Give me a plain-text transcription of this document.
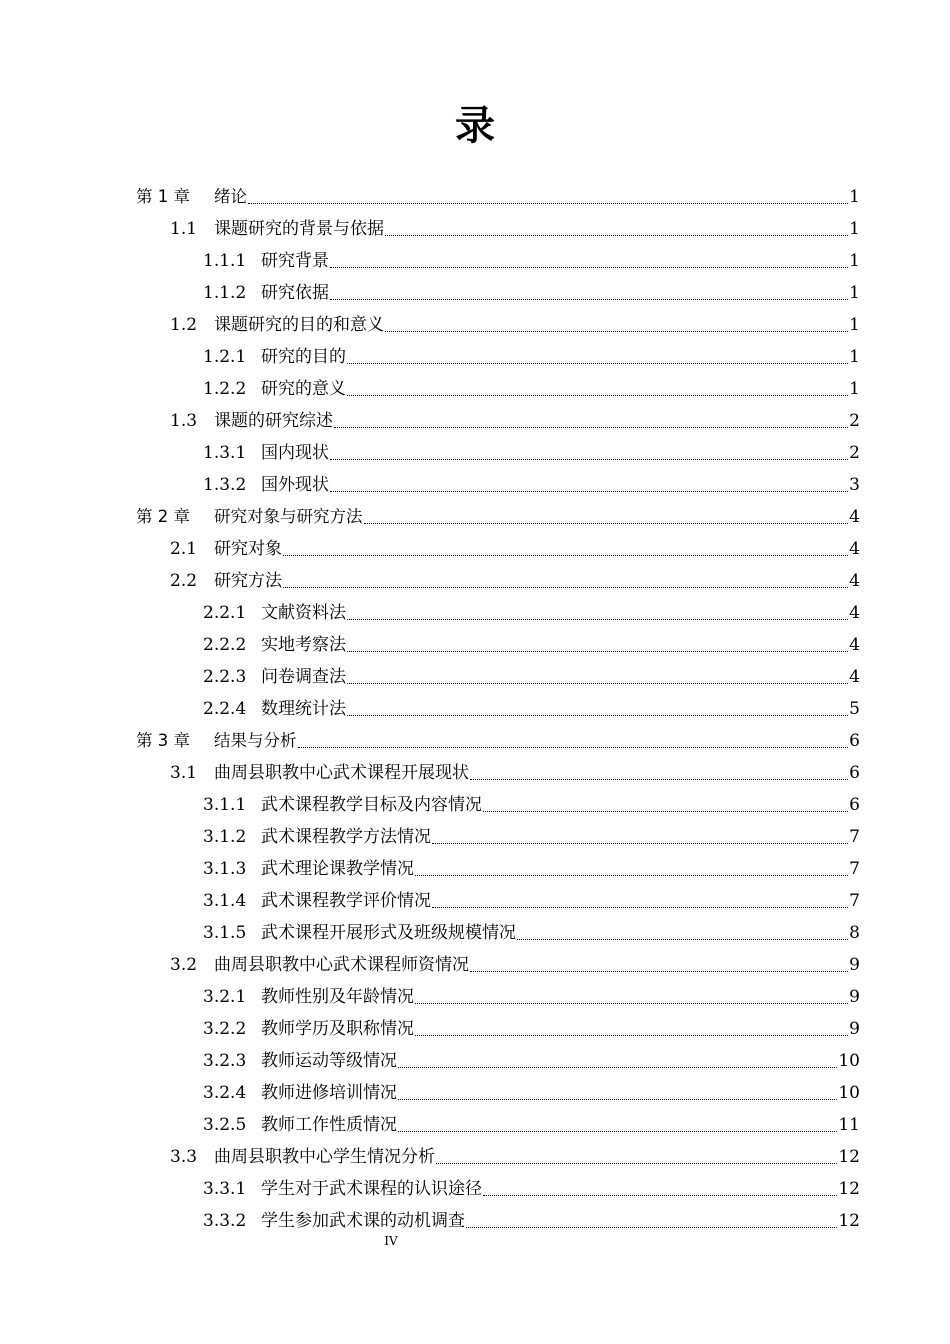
录
第 1 章	绪论	1
1.1 课题研究的背景与依据	1
1.1.1 研究背景	1
1.1.2 研究依据	1
1.2 课题研究的目的和意义	1
1.2.1 研究的目的	1
1.2.2 研究的意义	1
1.3 课题的研究综述	2
1.3.1 国内现状	2
1.3.2 国外现状	3
第 2 章	研究对象与研究方法	4
2.1 研究对象	4
2.2 研究方法	4
2.2.1 文献资料法	4
2.2.2 实地考察法	4
2.2.3 问卷调查法	4
2.2.4 数理统计法	5
第 3 章	结果与分析	6
3.1 曲周县职教中心武术课程开展现状	6
3.1.1 武术课程教学目标及内容情况	6
3.1.2 武术课程教学方法情况	7
3.1.3 武术理论课教学情况	7
3.1.4 武术课程教学评价情况	7
3.1.5 武术课程开展形式及班级规模情况	8
3.2 曲周县职教中心武术课程师资情况	9
3.2.1 教师性别及年龄情况	9
3.2.2 教师学历及职称情况	9
3.2.3 教师运动等级情况	10
3.2.4 教师进修培训情况	10
3.2.5 教师工作性质情况	11
3.3 曲周县职教中心学生情况分析	12
3.3.1 学生对于武术课程的认识途径	12
3.3.2 学生参加武术课的动机调查	12
IV
